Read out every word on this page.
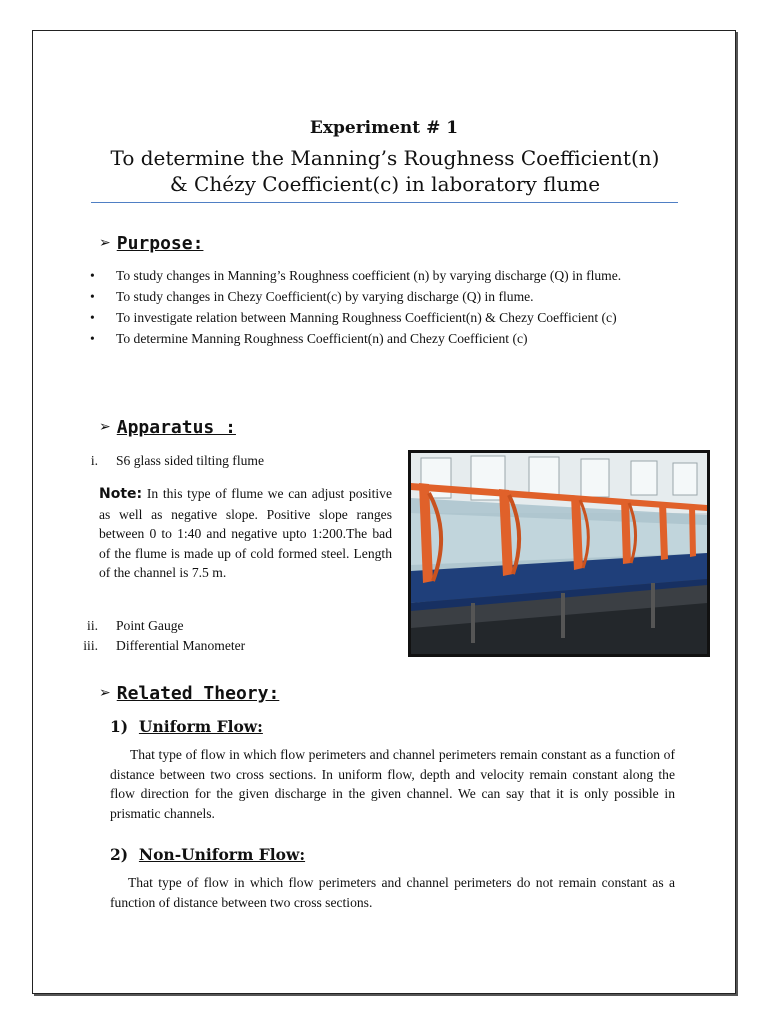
Experiment # 1
To determine the Manning’s Roughness Coefficient(n)
& Chézy Coefficient(c) in laboratory flume
➢ Purpose:
• To study changes in Manning’s Roughness coefficient (n) by varying discharge (Q) in flume.
• To study changes in Chezy Coefficient(c) by varying discharge (Q) in flume.
• To investigate relation between Manning Roughness Coefficient(n) & Chezy Coefficient (c)
• To determine Manning Roughness Coefficient(n) and Chezy Coefficient (c)
➢ Apparatus :
i. S6 glass sided tilting flume
Note: In this type of flume we can adjust positive as well as negative slope. Positive slope ranges between 0 to 1:40 and negative upto 1:200.The bad of the flume is made up of cold formed steel. Length of the channel is 7.5 m.
ii. Point Gauge
iii. Differential Manometer
➢ Related Theory:
1) Uniform Flow:
That type of flow in which flow perimeters and channel perimeters remain constant as a function of distance between two cross sections. In uniform flow, depth and velocity remain constant along the flow direction for the given discharge in the given channel. We can say that it is only possible in prismatic channels.
2) Non-Uniform Flow:
That type of flow in which flow perimeters and channel perimeters do not remain constant as a function of distance between two cross sections.
